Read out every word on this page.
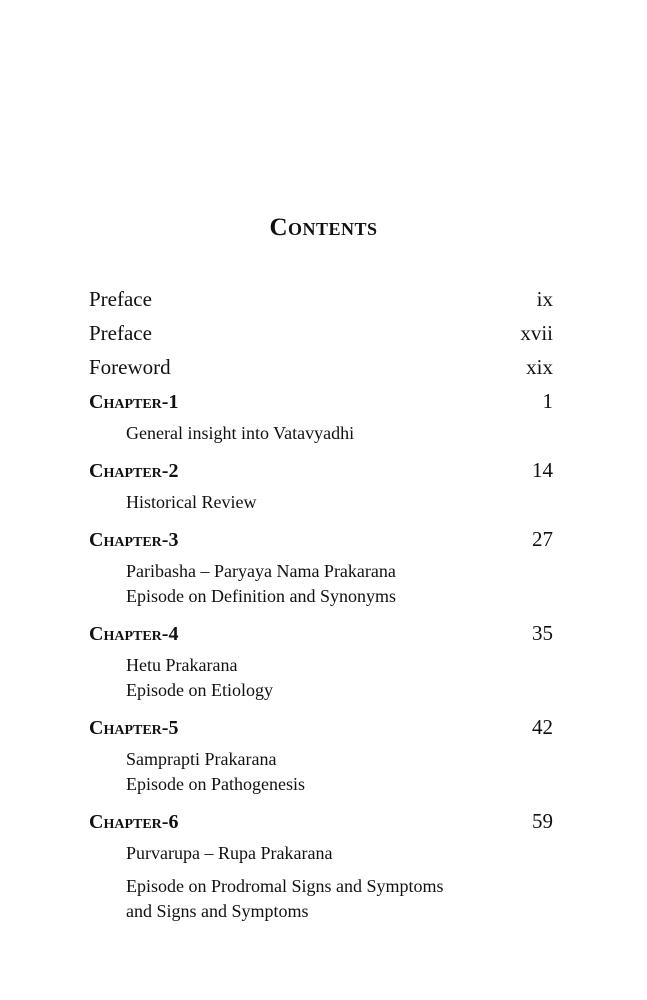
Contents
Preface	ix
Preface	xvii
Foreword	xix
Chapter-1	1
General insight into Vatavyadhi
Chapter-2	14
Historical Review
Chapter-3	27
Paribasha – Paryaya Nama Prakarana
Episode on Definition and Synonyms
Chapter-4	35
Hetu Prakarana
Episode on Etiology
Chapter-5	42
Samprapti Prakarana
Episode on Pathogenesis
Chapter-6	59
Purvarupa – Rupa Prakarana
Episode on Prodromal Signs and Symptoms
and Signs and Symptoms
